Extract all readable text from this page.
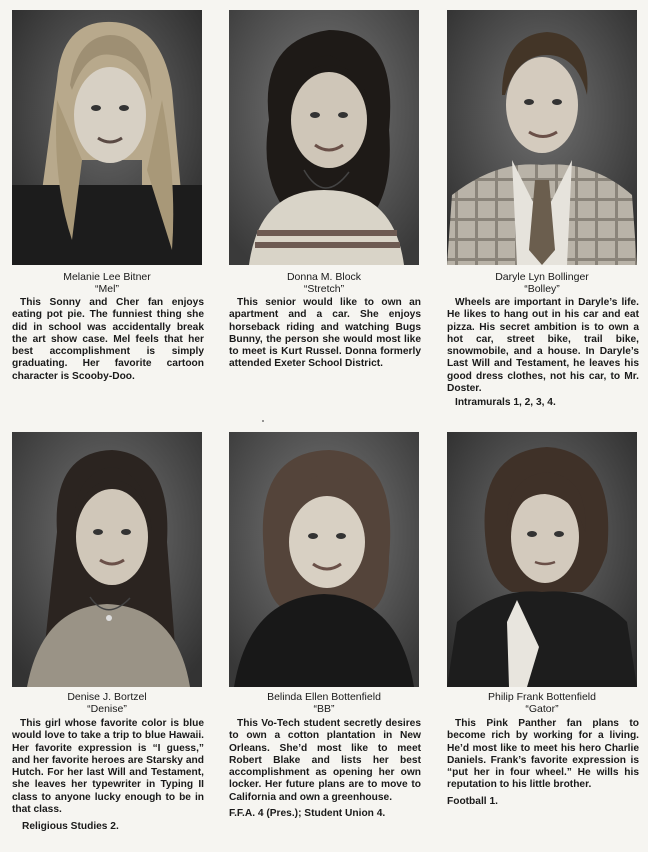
Melanie Lee Bitner
“Mel”
This Sonny and Cher fan enjoys eating pot pie. The funniest thing she did in school was accidentally break the art show case. Mel feels that her best accomplishment is simply graduating. Her favorite cartoon character is Scooby-Doo.
Donna M. Block
“Stretch”
This senior would like to own an apartment and a car. She enjoys horseback riding and watching Bugs Bunny, the person she would most like to meet is Kurt Russel. Donna formerly attended Exeter School District.
Daryle Lyn Bollinger
“Bolley”
Wheels are important in Daryle’s life. He likes to hang out in his car and eat pizza. His secret ambition is to own a hot car, street bike, trail bike, snowmobile, and a house. In Daryle’s Last Will and Testament, he leaves his good dress clothes, not his car, to Mr. Doster.
Intramurals 1, 2, 3, 4.
Denise J. Bortzel
“Denise”
This girl whose favorite color is blue would love to take a trip to blue Hawaii. Her favorite expression is “I guess,” and her favorite heroes are Starsky and Hutch. For her last Will and Testament, she leaves her typewriter in Typing II class to anyone lucky enough to be in that class.
Religious Studies 2.
Belinda Ellen Bottenfield
“BB”
This Vo-Tech student secretly desires to own a cotton plantation in New Orleans. She’d most like to meet Robert Blake and lists her best accomplishment as opening her own locker. Her future plans are to move to California and own a greenhouse.
F.F.A. 4 (Pres.); Student Union 4.
Philip Frank Bottenfield
“Gator”
This Pink Panther fan plans to become rich by working for a living. He’d most like to meet his hero Charlie Daniels. Frank’s favorite expression is “put her in four wheel.” He wills his reputation to his little brother.
Football 1.
